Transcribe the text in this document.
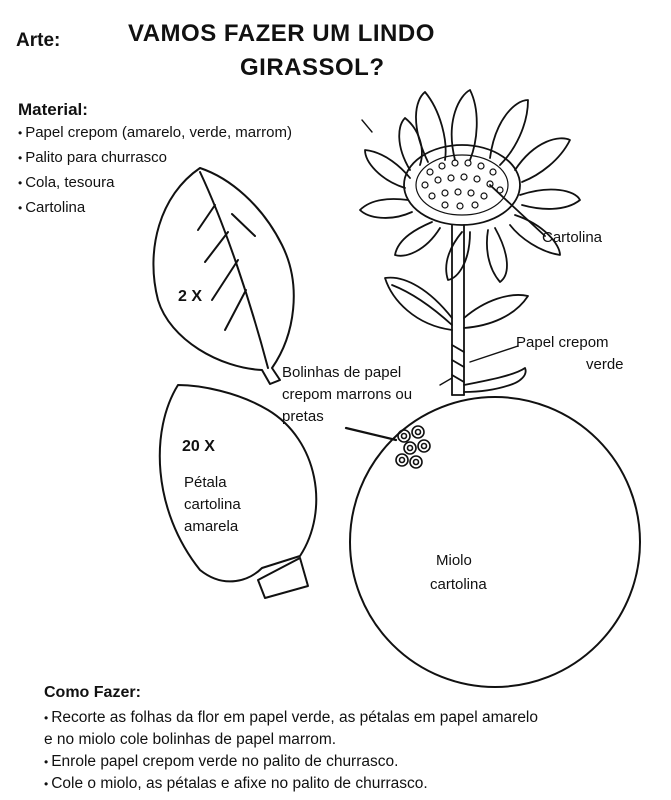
Arte:	VAMOS FAZER UM LINDO
GIRASSOL?
Material:
• Papel crepom (amarelo, verde, marrom)
• Palito para churrasco
• Cola, tesoura
• Cartolina
2 X
20 X
Pétala
cartolina
amarela
Cartolina
Papel crepom
verde
Bolinhas de papel
crepom marrons ou
pretas
Miolo
cartolina
Como Fazer:
• Recorte as folhas da flor em papel verde, as pétalas em papel amarelo
e no miolo cole bolinhas de papel marrom.
• Enrole papel crepom verde no palito de churrasco.
• Cole o miolo, as pétalas e afixe no palito de churrasco.
